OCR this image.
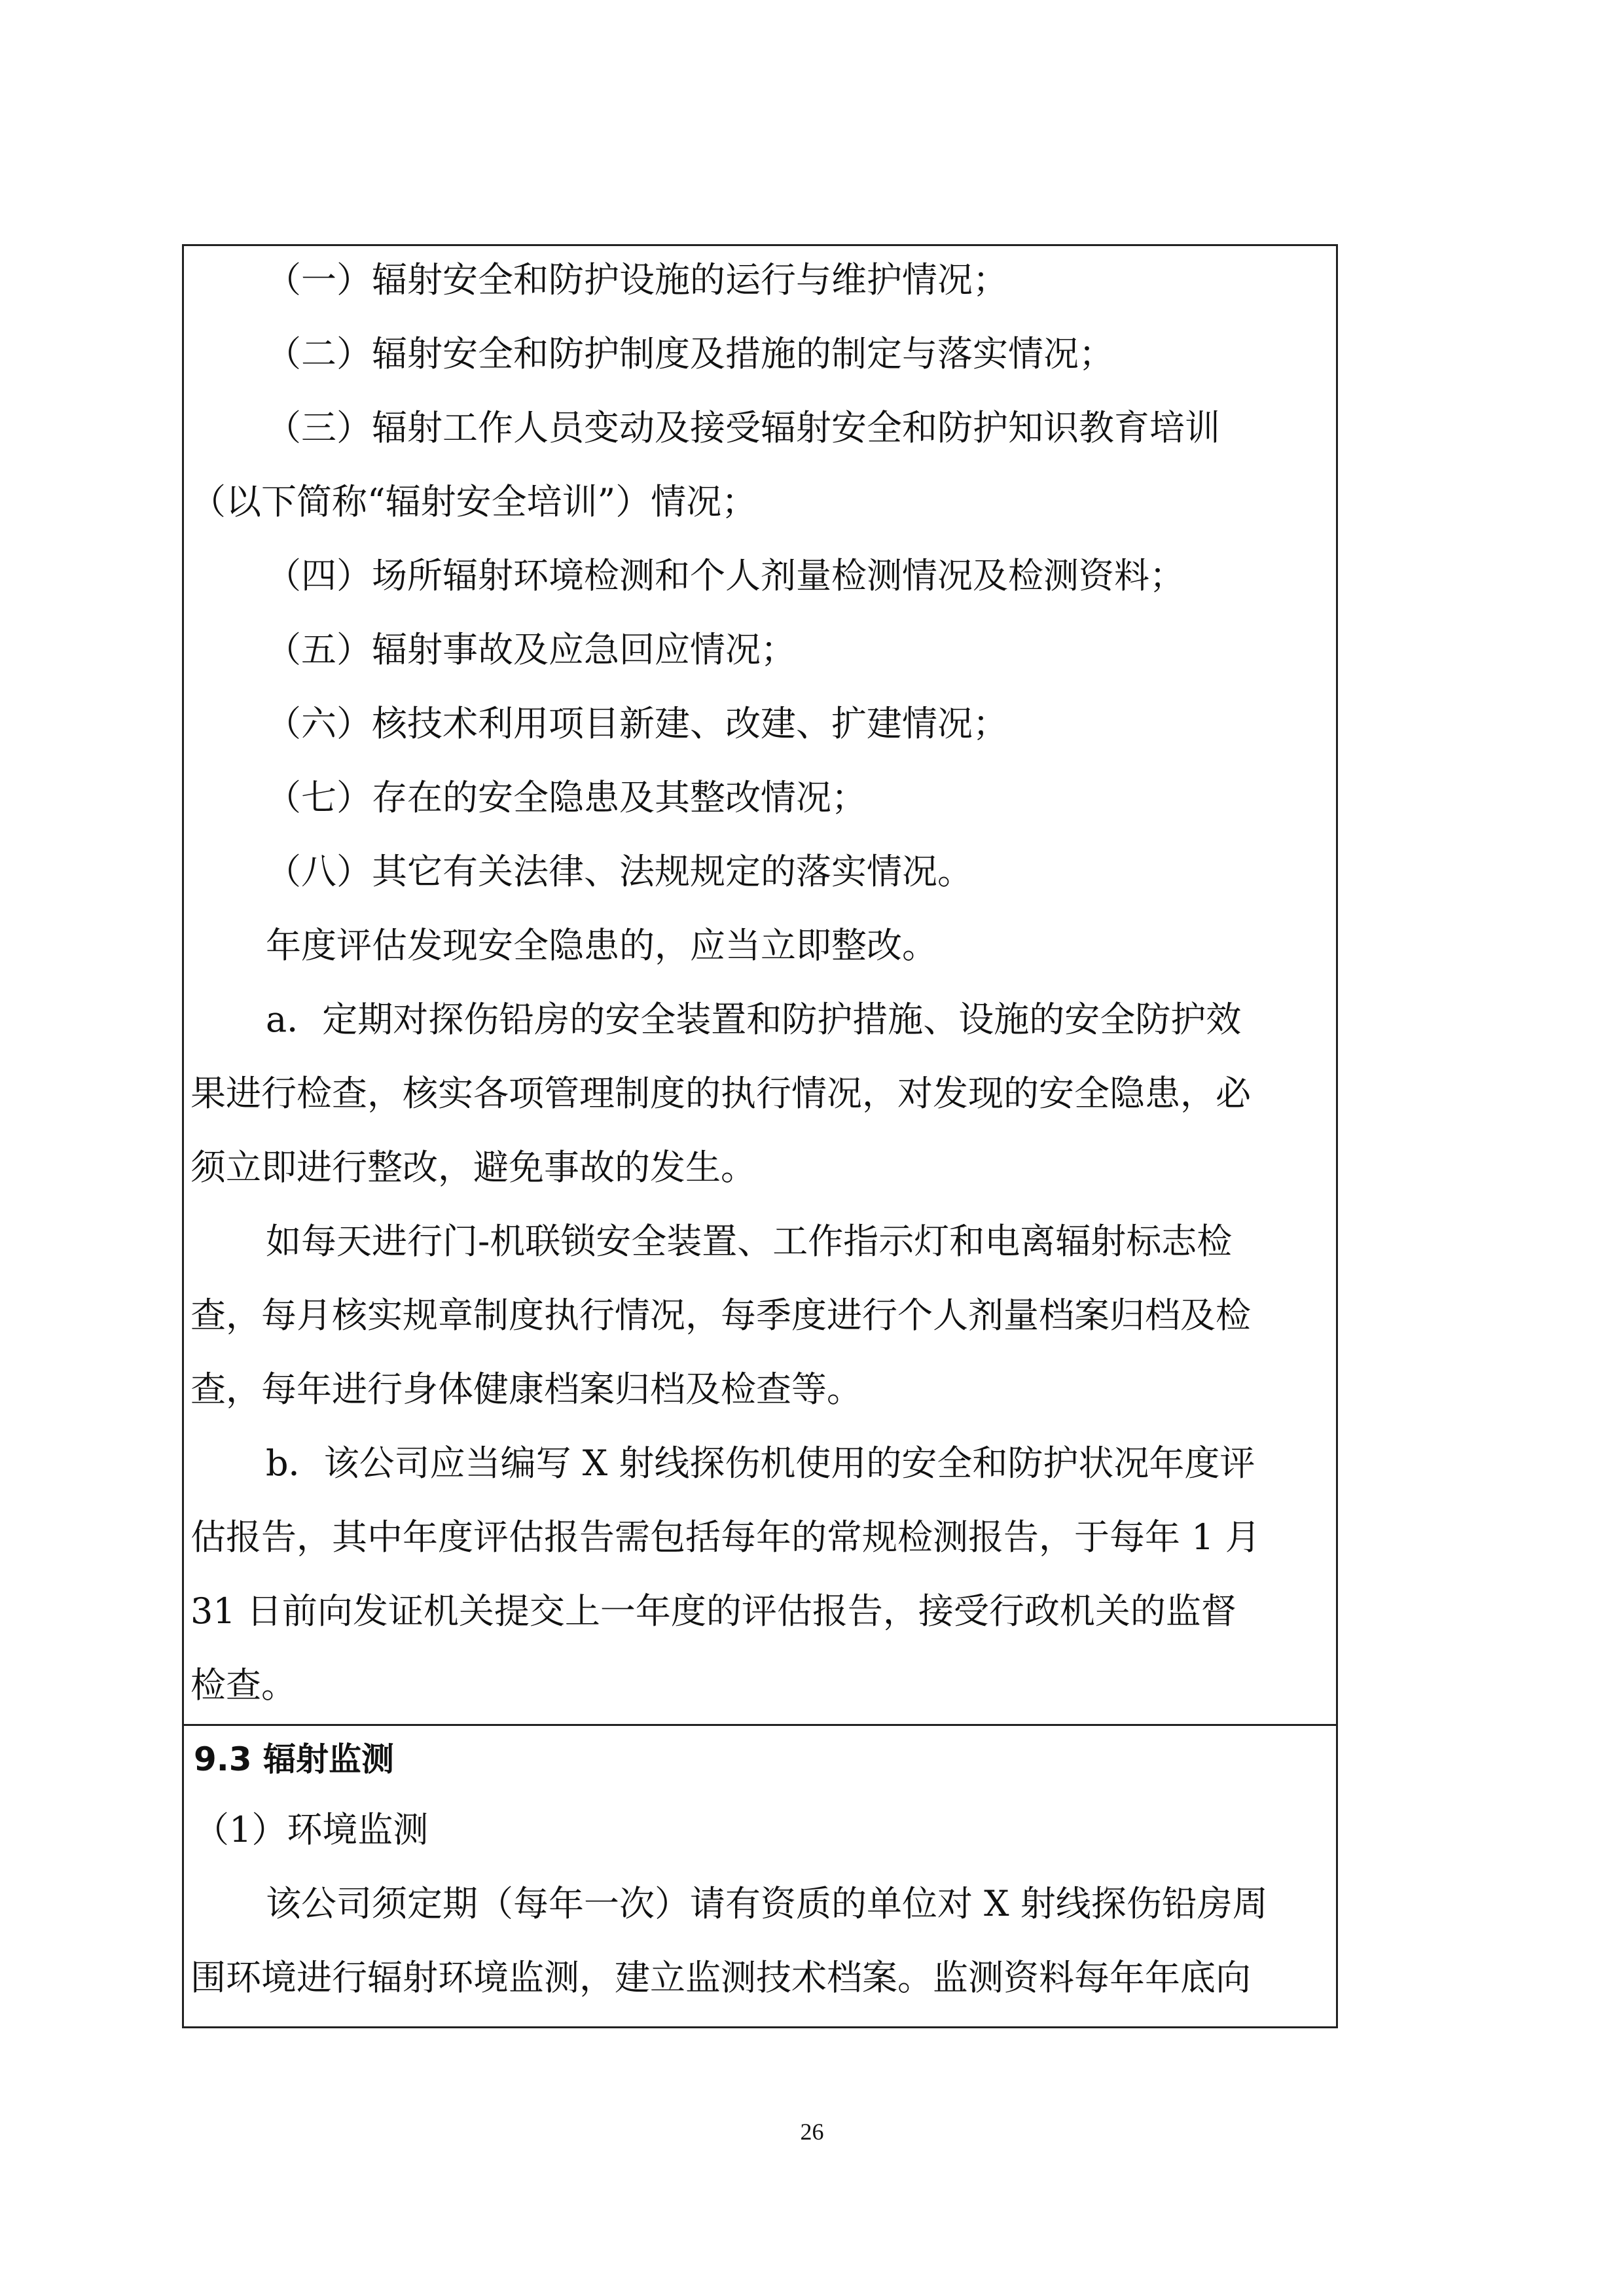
（一）辐射安全和防护设施的运行与维护情况；
（二）辐射安全和防护制度及措施的制定与落实情况；
（三）辐射工作人员变动及接受辐射安全和防护知识教育培训
（以下简称“辐射安全培训”）情况；
（四）场所辐射环境检测和个人剂量检测情况及检测资料；
（五）辐射事故及应急回应情况；
（六）核技术利用项目新建、改建、扩建情况；
（七）存在的安全隐患及其整改情况；
（八）其它有关法律、法规规定的落实情况。
年度评估发现安全隐患的，应当立即整改。
a．定期对探伤铅房的安全装置和防护措施、设施的安全防护效
果进行检查，核实各项管理制度的执行情况，对发现的安全隐患，必
须立即进行整改，避免事故的发生。
如每天进行门-机联锁安全装置、工作指示灯和电离辐射标志检
查，每月核实规章制度执行情况，每季度进行个人剂量档案归档及检
查，每年进行身体健康档案归档及检查等。
b．该公司应当编写 X 射线探伤机使用的安全和防护状况年度评
估报告，其中年度评估报告需包括每年的常规检测报告，于每年 1 月
31 日前向发证机关提交上一年度的评估报告，接受行政机关的监督
检查。
9.3 辐射监测
（1）环境监测
该公司须定期（每年一次）请有资质的单位对 X 射线探伤铅房周
围环境进行辐射环境监测，建立监测技术档案。监测资料每年年底向
26
